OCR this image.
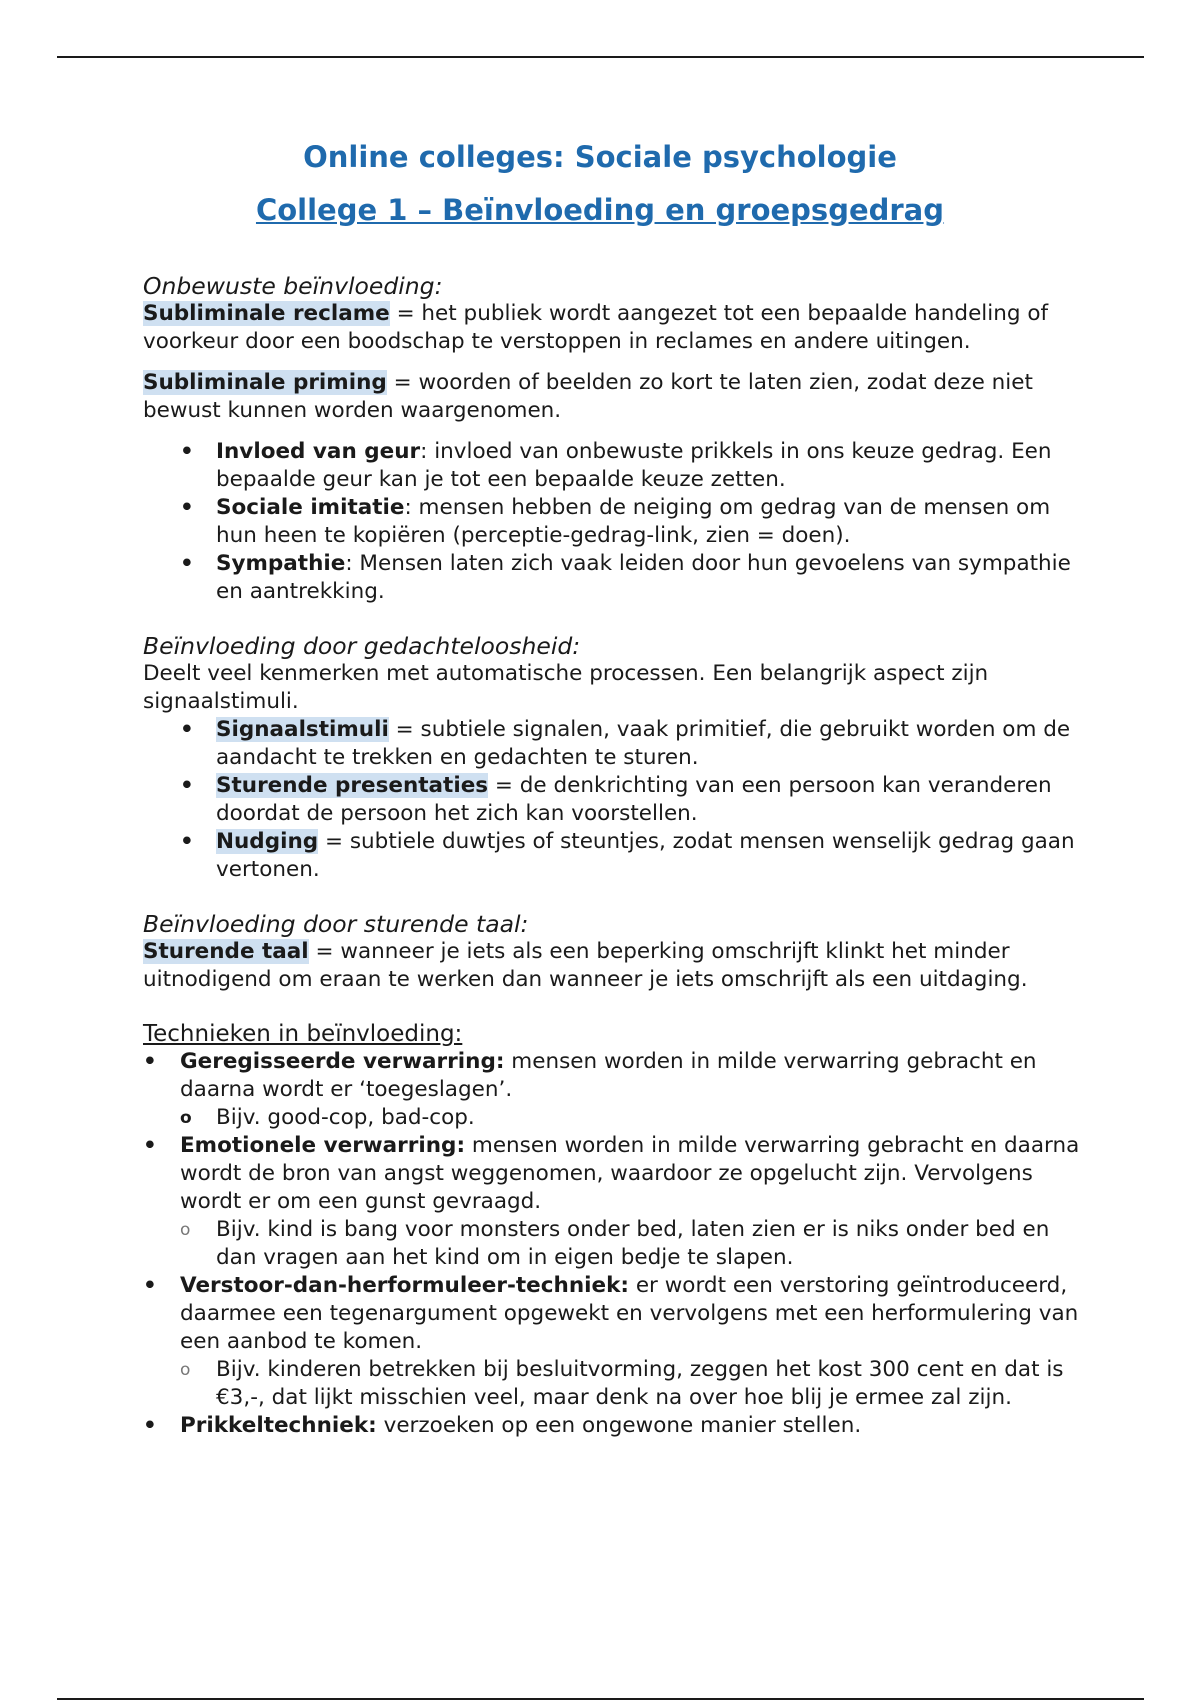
Online colleges: Sociale psychologie
College 1 – Beïnvloeding en groepsgedrag

Onbewuste beïnvloeding:

Subliminale reclame = het publiek wordt aangezet tot een bepaalde handeling of voorkeur door een boodschap te verstoppen in reclames en andere uitingen.

Subliminale priming = woorden of beelden zo kort te laten zien, zodat deze niet bewust kunnen worden waargenomen.

• Invloed van geur: invloed van onbewuste prikkels in ons keuze gedrag. Een bepaalde geur kan je tot een bepaalde keuze zetten.
• Sociale imitatie: mensen hebben de neiging om gedrag van de mensen om hun heen te kopiëren (perceptie-gedrag-link, zien = doen).
• Sympathie: Mensen laten zich vaak leiden door hun gevoelens van sympathie en aantrekking.

Beïnvloeding door gedachteloosheid:

Deelt veel kenmerken met automatische processen. Een belangrijk aspect zijn signaalstimuli.

• Signaalstimuli = subtiele signalen, vaak primitief, die gebruikt worden om de aandacht te trekken en gedachten te sturen.
• Sturende presentaties = de denkrichting van een persoon kan veranderen doordat de persoon het zich kan voorstellen.
• Nudging = subtiele duwtjes of steuntjes, zodat mensen wenselijk gedrag gaan vertonen.

Beïnvloeding door sturende taal:

Sturende taal = wanneer je iets als een beperking omschrijft klinkt het minder uitnodigend om eraan te werken dan wanneer je iets omschrijft als een uitdaging.

Technieken in beïnvloeding:

• Geregisseerde verwarring: mensen worden in milde verwarring gebracht en daarna wordt er ‘toegeslagen’.
o Bijv. good-cop, bad-cop.
• Emotionele verwarring: mensen worden in milde verwarring gebracht en daarna wordt de bron van angst weggenomen, waardoor ze opgelucht zijn. Vervolgens wordt er om een gunst gevraagd.
o Bijv. kind is bang voor monsters onder bed, laten zien er is niks onder bed en dan vragen aan het kind om in eigen bedje te slapen.
• Verstoor-dan-herformuleer-techniek: er wordt een verstoring geïntroduceerd, daarmee een tegenargument opgewekt en vervolgens met een herformulering van een aanbod te komen.
o Bijv. kinderen betrekken bij besluitvorming, zeggen het kost 300 cent en dat is €3,-, dat lijkt misschien veel, maar denk na over hoe blij je ermee zal zijn.
• Prikkeltechniek: verzoeken op een ongewone manier stellen.
